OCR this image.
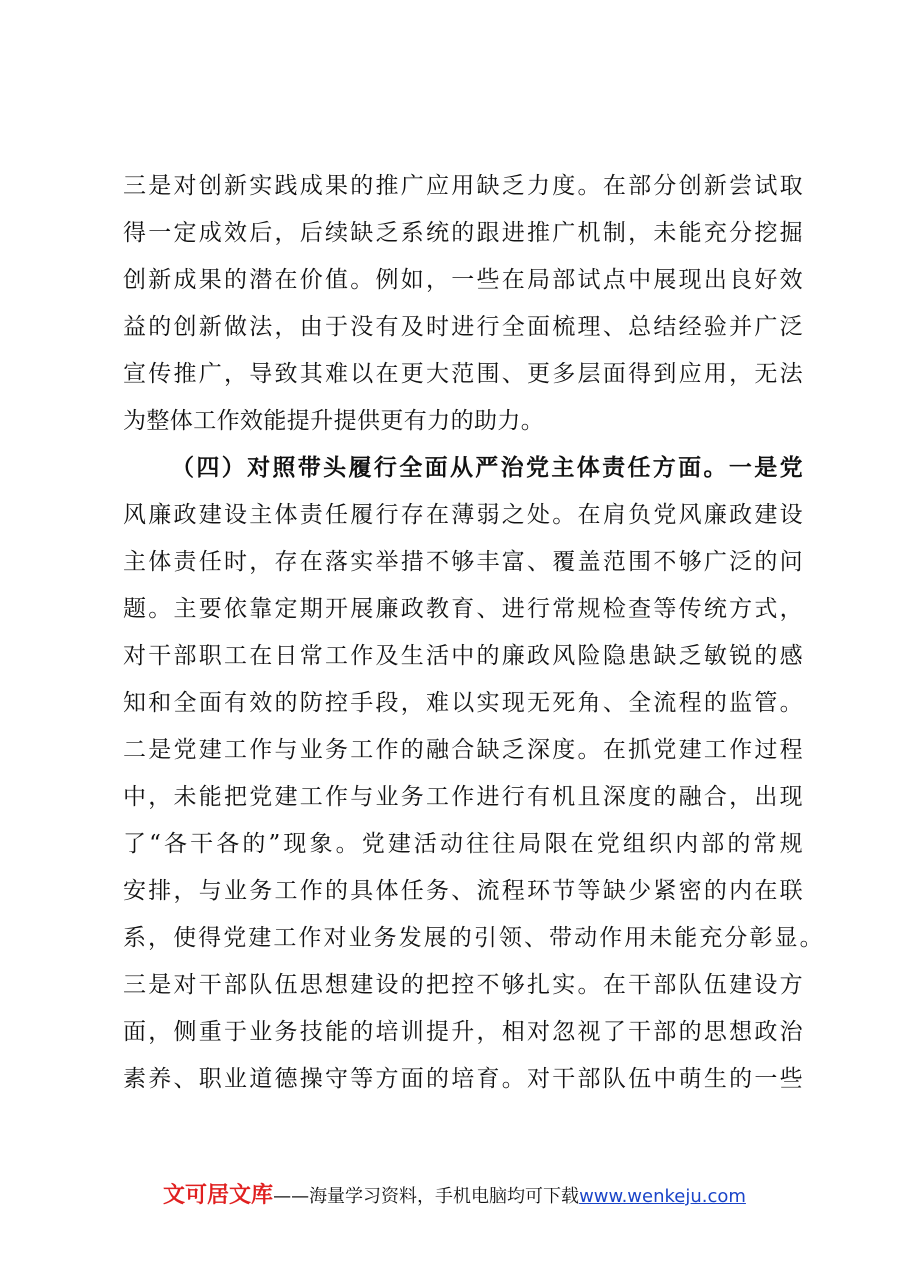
三是对创新实践成果的推广应用缺乏力度。在部分创新尝试取
得一定成效后，后续缺乏系统的跟进推广机制，未能充分挖掘
创新成果的潜在价值。例如，一些在局部试点中展现出良好效
益的创新做法，由于没有及时进行全面梳理、总结经验并广泛
宣传推广，导致其难以在更大范围、更多层面得到应用，无法
为整体工作效能提升提供更有力的助力。
（四）对照带头履行全面从严治党主体责任方面。一是党
风廉政建设主体责任履行存在薄弱之处。在肩负党风廉政建设
主体责任时，存在落实举措不够丰富、覆盖范围不够广泛的问
题。主要依靠定期开展廉政教育、进行常规检查等传统方式，
对干部职工在日常工作及生活中的廉政风险隐患缺乏敏锐的感
知和全面有效的防控手段，难以实现无死角、全流程的监管。
二是党建工作与业务工作的融合缺乏深度。在抓党建工作过程
中，未能把党建工作与业务工作进行有机且深度的融合，出现
了“各干各的”现象。党建活动往往局限在党组织内部的常规
安排，与业务工作的具体任务、流程环节等缺少紧密的内在联
系，使得党建工作对业务发展的引领、带动作用未能充分彰显。
三是对干部队伍思想建设的把控不够扎实。在干部队伍建设方
面，侧重于业务技能的培训提升，相对忽视了干部的思想政治
素养、职业道德操守等方面的培育。对干部队伍中萌生的一些
文可居文库——海量学习资料，手机电脑均可下载www.wenkeju.com
